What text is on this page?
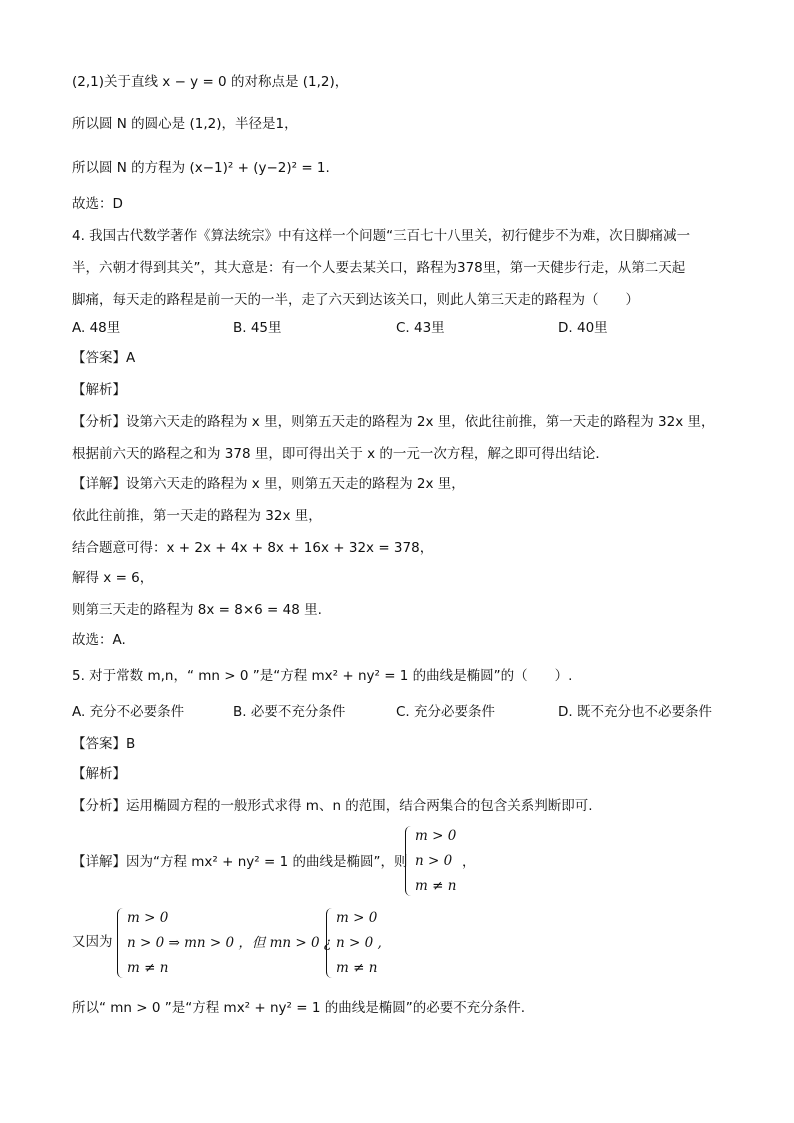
(2,1)关于直线 x − y = 0 的对称点是 (1,2)，
所以圆 N 的圆心是 (1,2)，半径是1，
所以圆 N 的方程为 (x−1)² + (y−2)² = 1.
故选：D
4. 我国古代数学著作《算法统宗》中有这样一个问题“三百七十八里关，初行健步不为难，次日脚痛减一
半，六朝才得到其关”，其大意是：有一个人要去某关口，路程为378里，第一天健步行走，从第二天起
脚痛，每天走的路程是前一天的一半，走了六天到达该关口，则此人第三天走的路程为（　　）
A. 48里	B. 45里	C. 43里	D. 40里
【答案】A
【解析】
【分析】设第六天走的路程为 x 里，则第五天走的路程为 2x 里，依此往前推，第一天走的路程为 32x 里，
根据前六天的路程之和为 378 里，即可得出关于 x 的一元一次方程，解之即可得出结论．
【详解】设第六天走的路程为 x 里，则第五天走的路程为 2x 里，
依此往前推，第一天走的路程为 32x 里，
结合题意可得：x + 2x + 4x + 8x + 16x + 32x = 378，
解得 x = 6，
则第三天走的路程为 8x = 8×6 = 48 里.
故选：A.
5. 对于常数 m,n，“ mn > 0 ”是“方程 mx² + ny² = 1 的曲线是椭圆”的（　　）.
A. 充分不必要条件	B. 必要不充分条件	C. 充分必要条件	D. 既不充分也不必要条件
【答案】B
【解析】
【分析】运用椭圆方程的一般形式求得 m、n 的范围，结合两集合的包含关系判断即可.
【详解】因为“方程 mx² + ny² = 1 的曲线是椭圆”，则
m > 0
n > 0
m ≠ n
，
又因为
m > 0
n > 0 ⇒ mn > 0 ，但 mn > 0 ¿
m ≠ n
m > 0
n > 0 ,
m ≠ n
所以“ mn > 0 ”是“方程 mx² + ny² = 1 的曲线是椭圆”的必要不充分条件.
